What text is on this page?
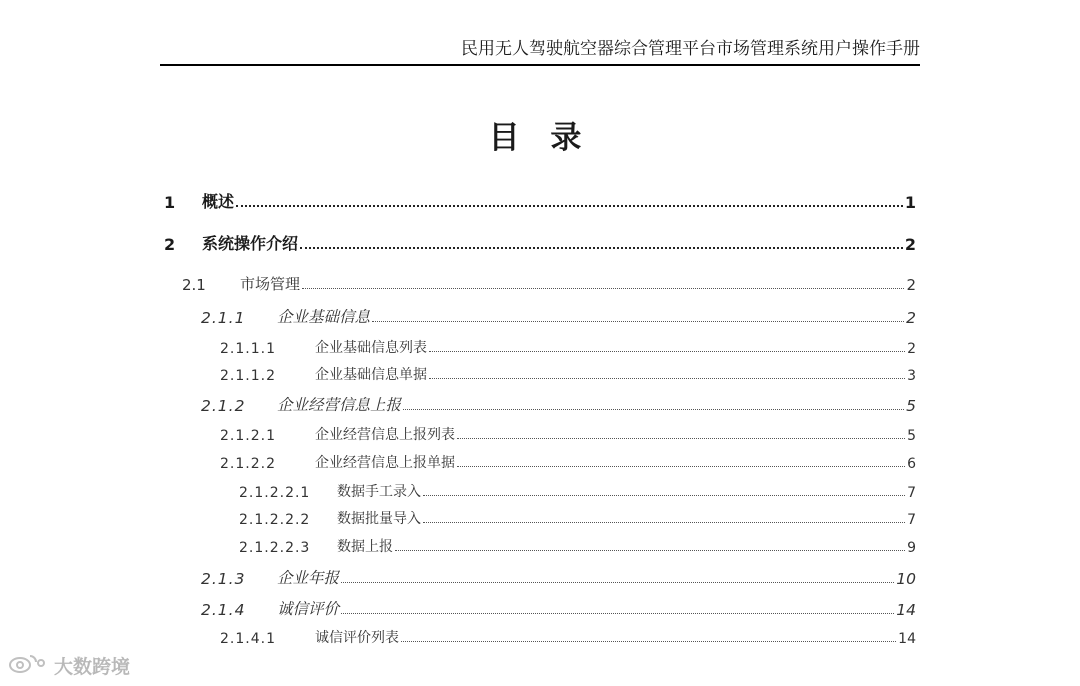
民用无人驾驶航空器综合管理平台市场管理系统用户操作手册
目 录
1	概述	1
2	系统操作介绍	2
2.1	市场管理	2
2.1.1	企业基础信息	2
2.1.1.1	企业基础信息列表	2
2.1.1.2	企业基础信息单据	3
2.1.2	企业经营信息上报	5
2.1.2.1	企业经营信息上报列表	5
2.1.2.2	企业经营信息上报单据	6
2.1.2.2.1	数据手工录入	7
2.1.2.2.2	数据批量导入	7
2.1.2.2.3	数据上报	9
2.1.3	企业年报	10
2.1.4	诚信评价	14
2.1.4.1	诚信评价列表	14
大数跨境
